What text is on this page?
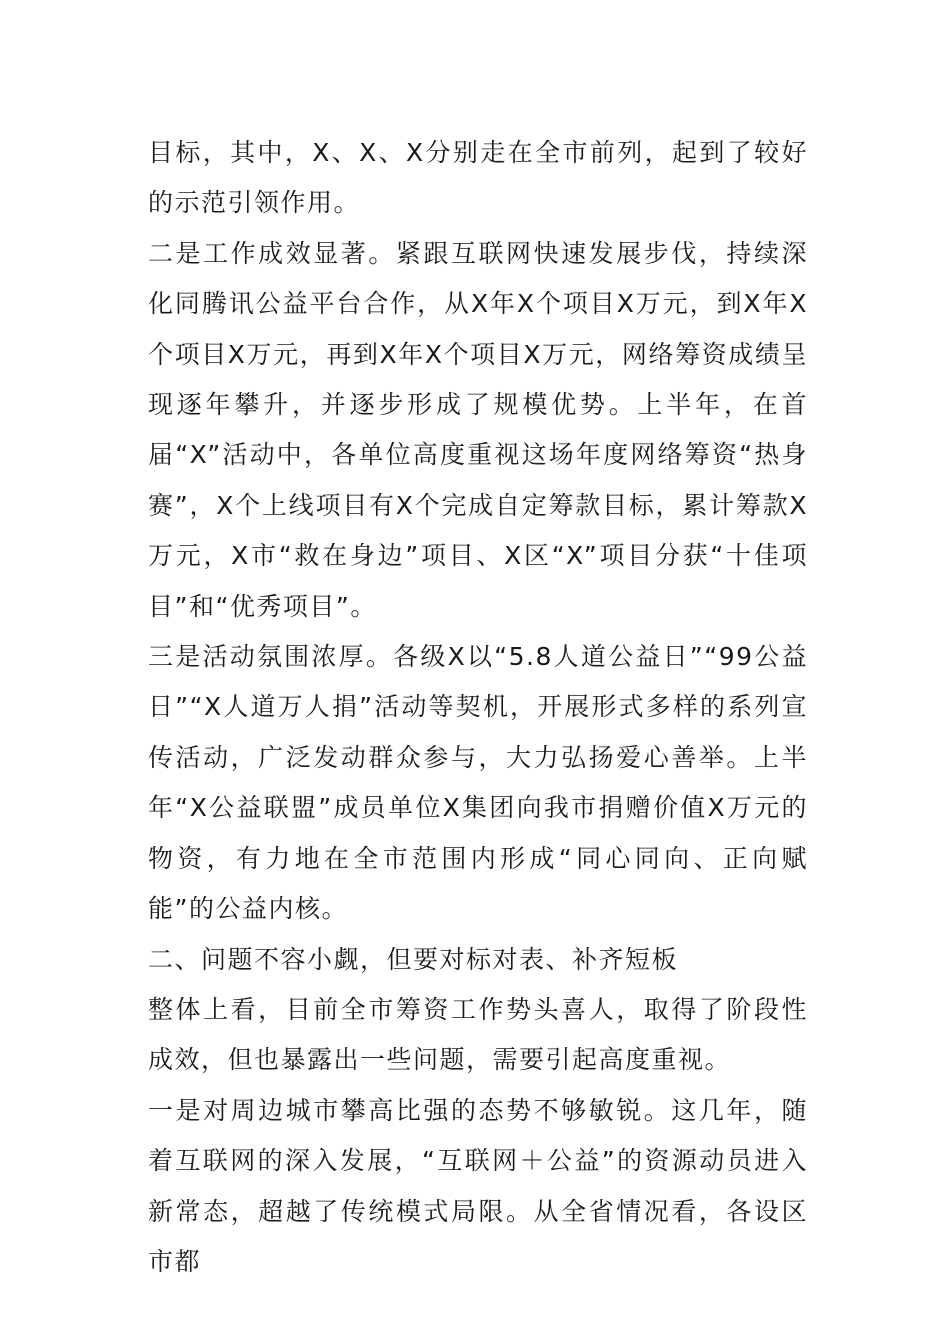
目标，其中，X、X、X分别走在全市前列，起到了较好的示范引领作用。

二是工作成效显著。紧跟互联网快速发展步伐，持续深化同腾讯公益平台合作，从X年X个项目X万元，到X年X个项目X万元，再到X年X个项目X万元，网络筹资成绩呈现逐年攀升，并逐步形成了规模优势。上半年，在首届“X”活动中，各单位高度重视这场年度网络筹资“热身赛”，X个上线项目有X个完成自定筹款目标，累计筹款X万元，X市“救在身边”项目、X区“X”项目分获“十佳项目”和“优秀项目”。

三是活动氛围浓厚。各级X以“5.8人道公益日”“99公益日”“X人道万人捐”活动等契机，开展形式多样的系列宣传活动，广泛发动群众参与，大力弘扬爱心善举。上半年“X公益联盟”成员单位X集团向我市捐赠价值X万元的物资，有力地在全市范围内形成“同心同向、正向赋能”的公益内核。

二、问题不容小觑，但要对标对表、补齐短板

整体上看，目前全市筹资工作势头喜人，取得了阶段性成效，但也暴露出一些问题，需要引起高度重视。

一是对周边城市攀高比强的态势不够敏锐。这几年，随着互联网的深入发展，“互联网＋公益”的资源动员进入新常态，超越了传统模式局限。从全省情况看，各设区市都
